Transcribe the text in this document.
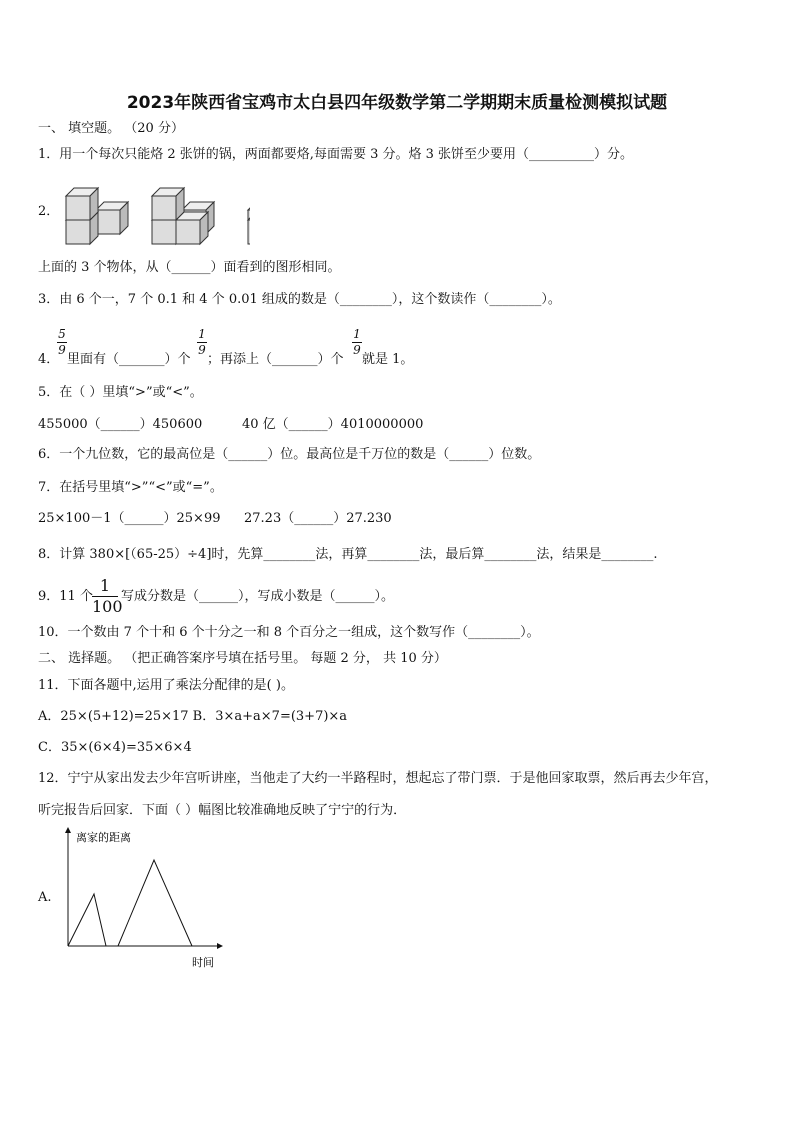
2023年陕西省宝鸡市太白县四年级数学第二学期期末质量检测模拟试题
一、 填空题。 （20 分）
1．用一个每次只能烙 2 张饼的锅，两面都要烙,每面需要 3 分。烙 3 张饼至少要用（__________）分。
2．
上面的 3 个物体，从（______）面看到的图形相同。
3．由 6 个一，7 个 0.1 和 4 个 0.01 组成的数是（________），这个数读作（________）。
4．
5
9
里面有（_______）个
1
9
；再添上（_______）个
1
9
就是 1。
5．在（ ）里填“>”或“<”。
455000（______）450600	40 亿（______）4010000000
6．一个九位数，它的最高位是（______）位。最高位是千万位的数是（______）位数。
7．在括号里填“>”“<”或“=”。
25×100－1（______）25×99 27.23（______）27.230
8．计算 380×[（65-25）÷4]时，先算________法，再算________法，最后算________法，结果是________.
9．11 个
1
100
写成分数是（______），写成小数是（______）。
10．一个数由 7 个十和 6 个十分之一和 8 个百分之一组成，这个数写作（________）。
二、 选择题。 （把正确答案序号填在括号里。 每题 2 分， 共 10 分）
11．下面各题中,运用了乘法分配律的是( )。
A．25×(5+12)=25×17 B．3×a+a×7=(3+7)×a
C．35×(6×4)=35×6×4
12．宁宁从家出发去少年宫听讲座，当他走了大约一半路程时，想起忘了带门票．于是他回家取票，然后再去少年宫，
听完报告后回家．下面（ ）幅图比较准确地反映了宁宁的行为．
A.
离家的距离
时间
